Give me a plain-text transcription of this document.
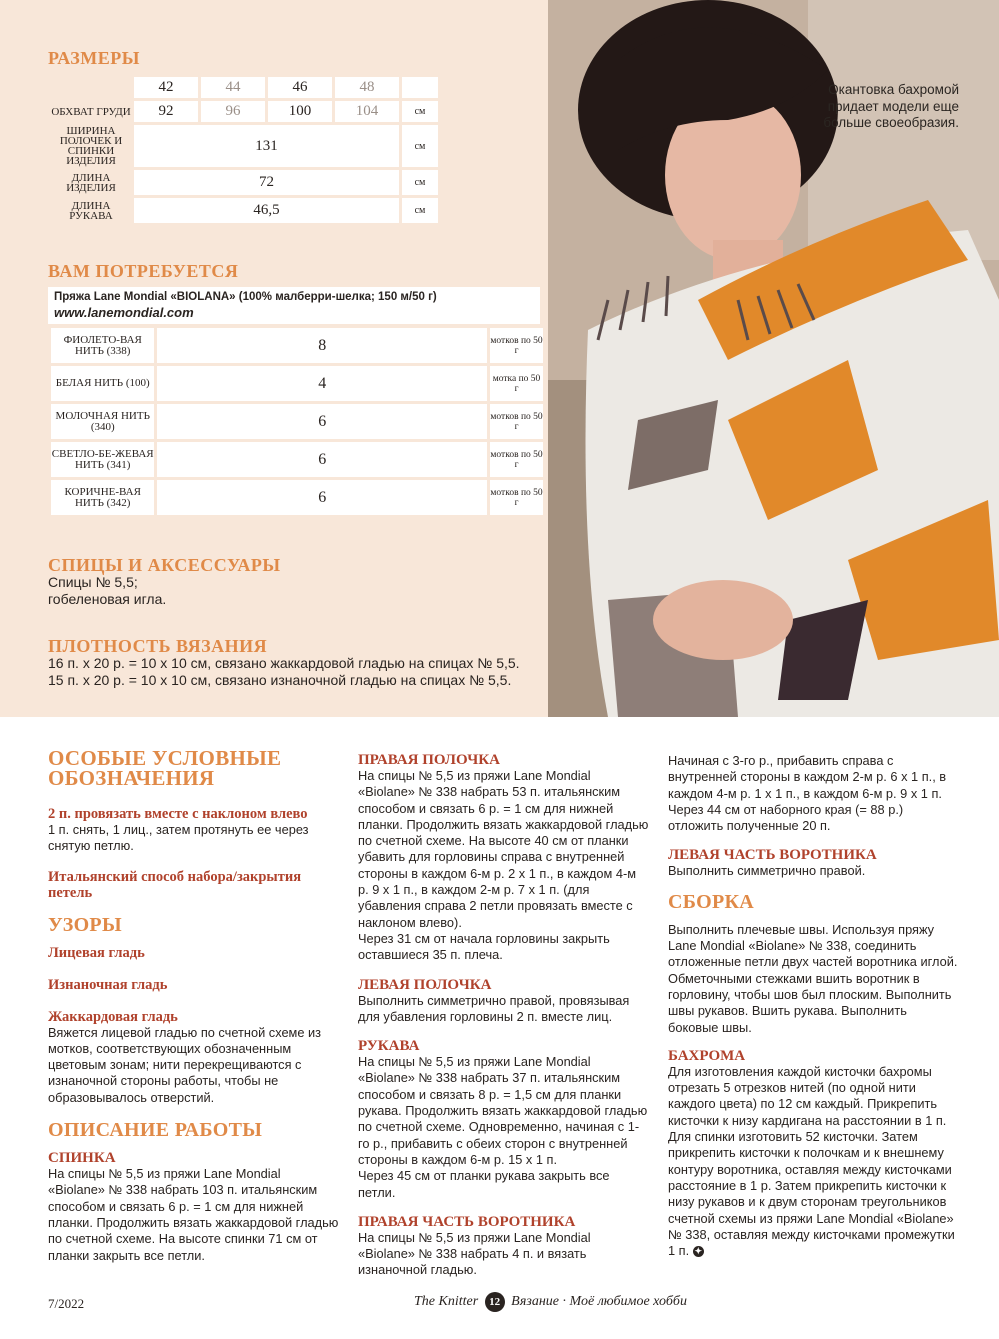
РАЗМЕРЫ
	42	44	46	48	
ОБХВАТ ГРУДИ	92	96	100	104	см
ШИРИНА ПОЛОЧЕК И СПИНКИ ИЗДЕЛИЯ	131				см
ДЛИНА ИЗДЕЛИЯ	72				см
ДЛИНА РУКАВА	46,5				см
ВАМ ПОТРЕБУЕТСЯ
Пряжа Lane Mondial «BIOLANA» (100% малберри-шелка; 150 м/50 г)
www.lanemondial.com
ФИОЛЕТО-ВАЯ НИТЬ (338)	8	мотков по 50 г
БЕЛАЯ НИТЬ (100)	4	мотка по 50 г
МОЛОЧНАЯ НИТЬ (340)	6	мотков по 50 г
СВЕТЛО-БЕ-ЖЕВАЯ НИТЬ (341)	6	мотков по 50 г
КОРИЧНЕ-ВАЯ НИТЬ (342)	6	мотков по 50 г
СПИЦЫ И АКСЕССУАРЫ
Спицы № 5,5;
гобеленовая игла.
ПЛОТНОСТЬ ВЯЗАНИЯ
16 п. х 20 р. = 10 х 10 см, связано жаккардовой гладью на спицах № 5,5.
15 п. х 20 р. = 10 х 10 см, связано изнаночной гладью на спицах № 5,5.
Окантовка бахромой придает модели еще больше своеобразия.
ОСОБЫЕ УСЛОВНЫЕ ОБОЗНАЧЕНИЯ
2 п. провязать вместе с наклоном влево

1 п. снять, 1 лиц., затем протянуть ее через снятую петлю.

Итальянский способ набора/закрытия петель
УЗОРЫ
Лицевая гладь
Изнаночная гладь
Жаккардовая гладь

Вяжется лицевой гладью по счетной схеме из мотков, соответствующих обозначенным цветовым зонам; нити перекрещиваются с изнаночной стороны работы, чтобы не образовывалось отверстий.

ОПИСАНИЕ РАБОТЫ
СПИНКА

На спицы № 5,5 из пряжи Lane Mondial «Biolane» № 338 набрать 103 п. итальянским способом и связать 6 р. = 1 см для нижней планки. Продолжить вязать жаккардовой гладью по счетной схеме. На высоте спинки 71 см от планки закрыть все петли.

ПРАВАЯ ПОЛОЧКА

На спицы № 5,5 из пряжи Lane Mondial «Biolane» № 338 набрать 53 п. итальянским способом и связать 6 р. = 1 см для нижней планки. Продолжить вязать жаккардовой гладью по счетной схеме. На высоте 40 см от планки убавить для горловины справа с внутренней стороны в каждом 6-м р. 2 х 1 п., в каждом 4-м р. 9 х 1 п., в каждом 2-м р. 7 х 1 п. (для убавления справа 2 петли провязать вместе с наклоном влево).

Через 31 см от начала горловины закрыть оставшиеся 35 п. плеча.

ЛЕВАЯ ПОЛОЧКА

Выполнить симметрично правой, провязывая для убавления горловины 2 п. вместе лиц.

РУКАВА

На спицы № 5,5 из пряжи Lane Mondial «Biolane» № 338 набрать 37 п. итальянским способом и связать 8 р. = 1,5 см для планки рукава. Продолжить вязать жаккардовой гладью по счетной схеме. Одновременно, начиная с 1-го р., прибавить с обеих сторон с внутренней стороны в каждом 6-м р. 15 х 1 п.

Через 45 см от планки рукава закрыть все петли.

ПРАВАЯ ЧАСТЬ ВОРОТНИКА

На спицы № 5,5 из пряжи Lane Mondial «Biolane» № 338 набрать 4 п. и вязать изнаночной гладью.

Начиная с 3-го р., прибавить справа с внутренней стороны в каждом 2-м р. 6 х 1 п., в каждом 4-м р. 1 х 1 п., в каждом 6-м р. 9 х 1 п.

Через 44 см от наборного края (= 88 р.) отложить полученные 20 п.

ЛЕВАЯ ЧАСТЬ ВОРОТНИКА

Выполнить симметрично правой.

СБОРКА

Выполнить плечевые швы. Используя пряжу Lane Mondial «Biolane» № 338, соединить отложенные петли двух частей воротника иглой. Обметочными стежками вшить воротник в горловину, чтобы шов был плоским. Выполнить швы рукавов. Вшить рукава. Выполнить боковые швы.

БАХРОМА

Для изготовления каждой кисточки бахромы отрезать 5 отрезков нитей (по одной нити каждого цвета) по 12 см каждый. Прикрепить кисточки к низу кардигана на расстоянии в 1 п. Для спинки изготовить 52 кисточки. Затем прикрепить кисточки к полочкам и к внешнему контуру воротника, оставляя между кисточками расстояние в 1 р. Затем прикрепить кисточки к низу рукавов и к двум сторонам треугольников счетной схемы из пряжи Lane Mondial «Biolane» № 338, оставляя между кисточками промежутки 1 п. ✦

7/2022	The Knitter 12 Вязание · Моё любимое хобби
